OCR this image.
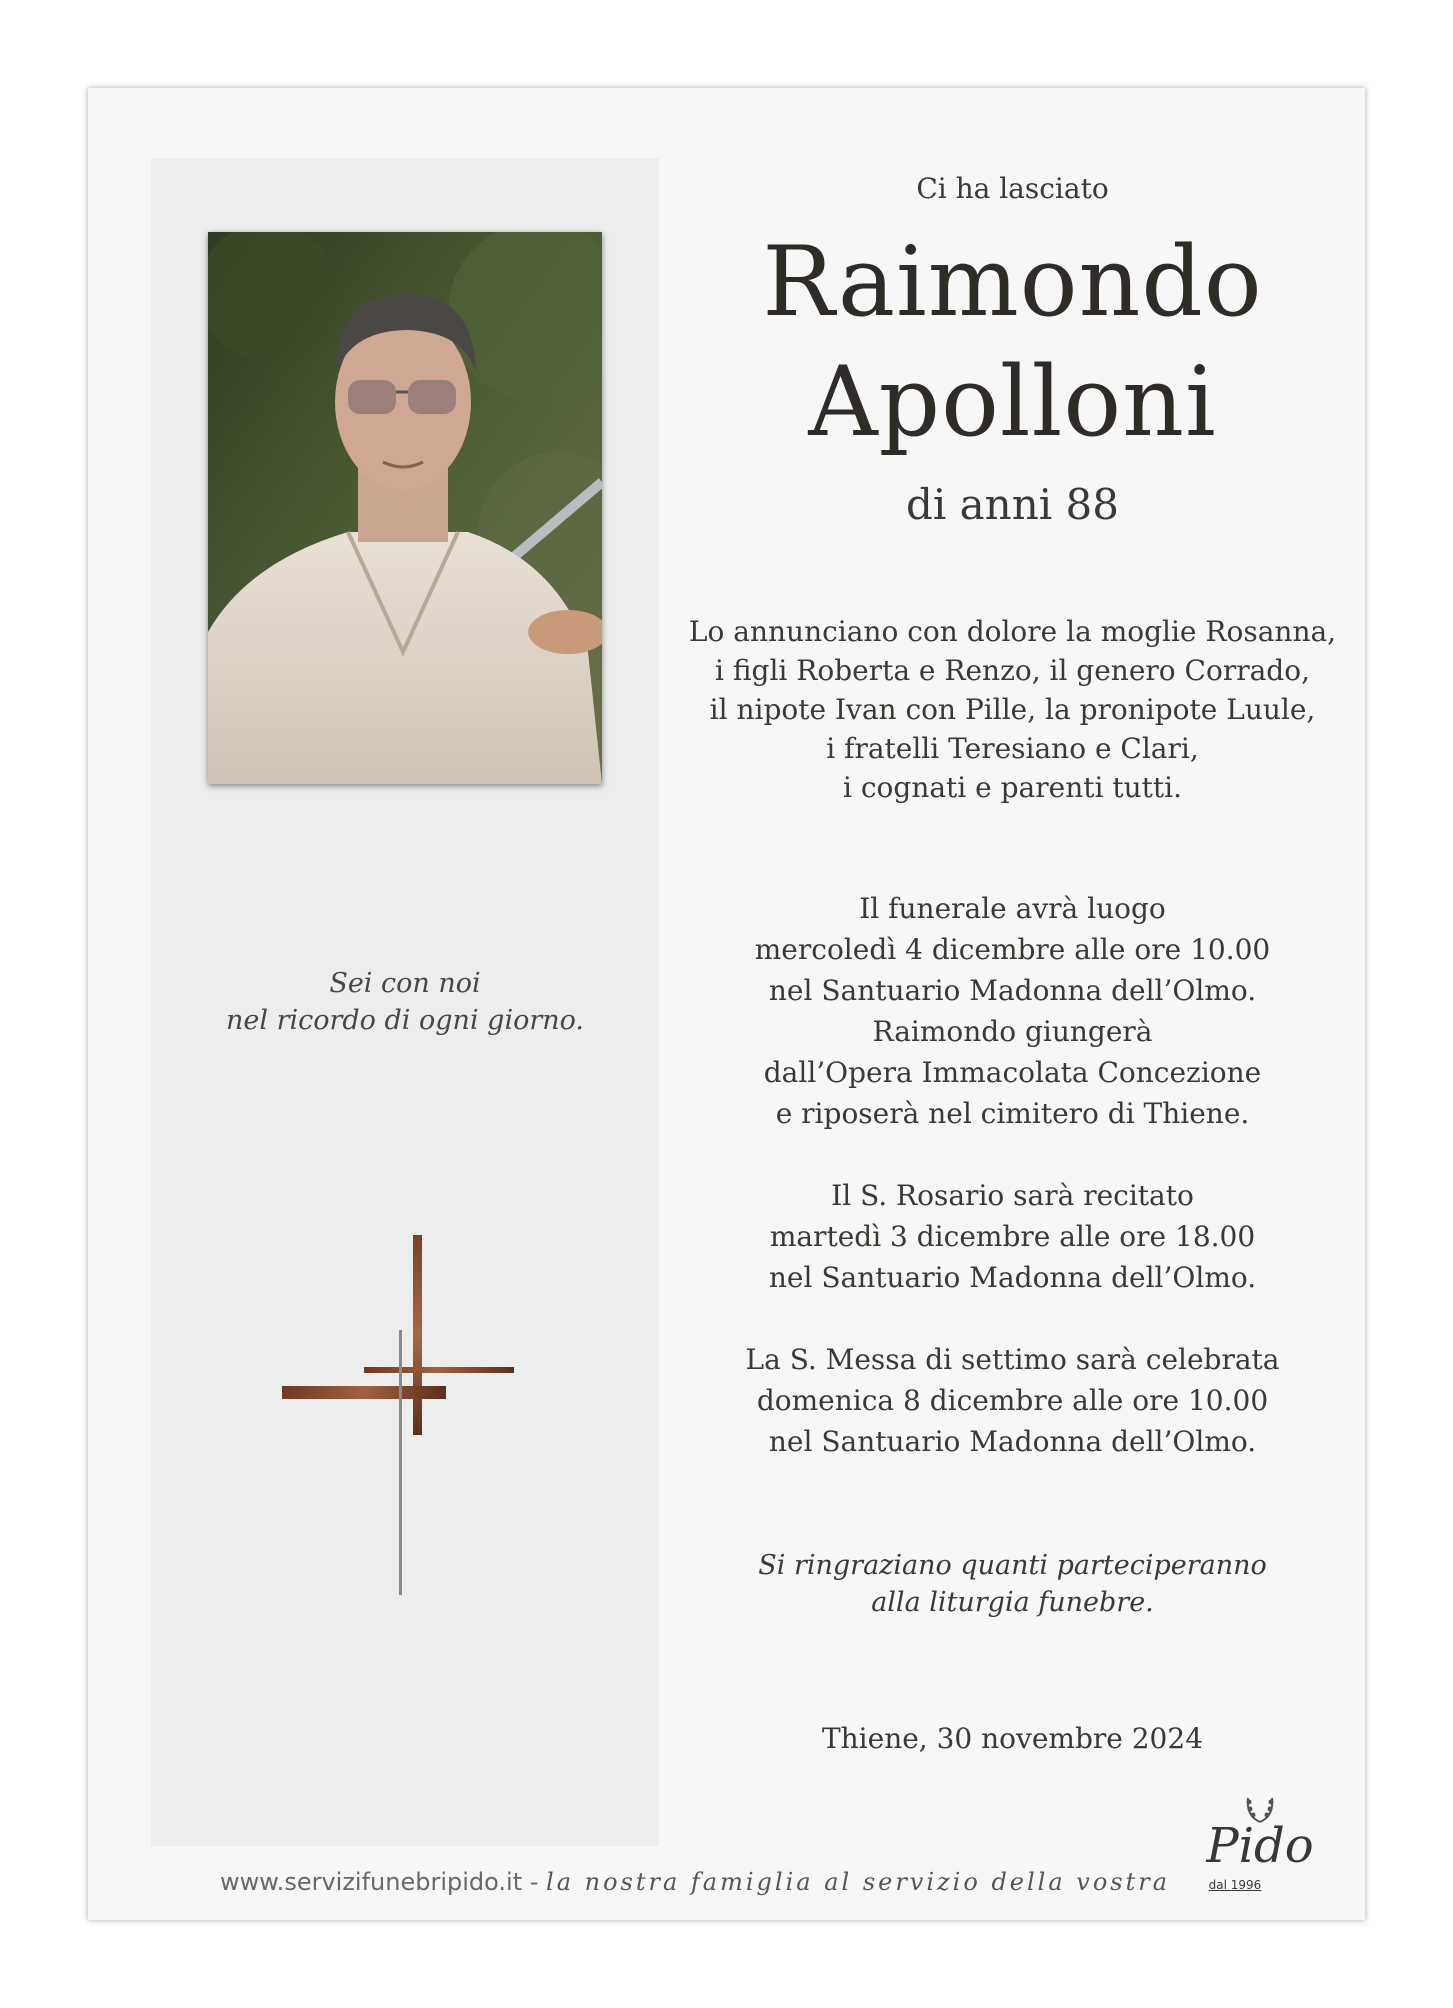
Sei con noi
nel ricordo di ogni giorno.
Ci ha lasciato
Raimondo
Apolloni
di anni 88
Lo annunciano con dolore la moglie Rosanna,
i figli Roberta e Renzo, il genero Corrado,
il nipote Ivan con Pille, la pronipote Luule,
i fratelli Teresiano e Clari,
i cognati e parenti tutti.
Il funerale avrà luogo
mercoledì 4 dicembre alle ore 10.00
nel Santuario Madonna dell’Olmo.
Raimondo giungerà
dall’Opera Immacolata Concezione
e riposerà nel cimitero di Thiene.
Il S. Rosario sarà recitato
martedì 3 dicembre alle ore 18.00
nel Santuario Madonna dell’Olmo.
La S. Messa di settimo sarà celebrata
domenica 8 dicembre alle ore 10.00
nel Santuario Madonna dell’Olmo.
Si ringraziano quanti parteciperanno
alla liturgia funebre.
Thiene, 30 novembre 2024
www.servizifunebripido.it - la nostra famiglia al servizio della vostra
Pido
dal 1996
